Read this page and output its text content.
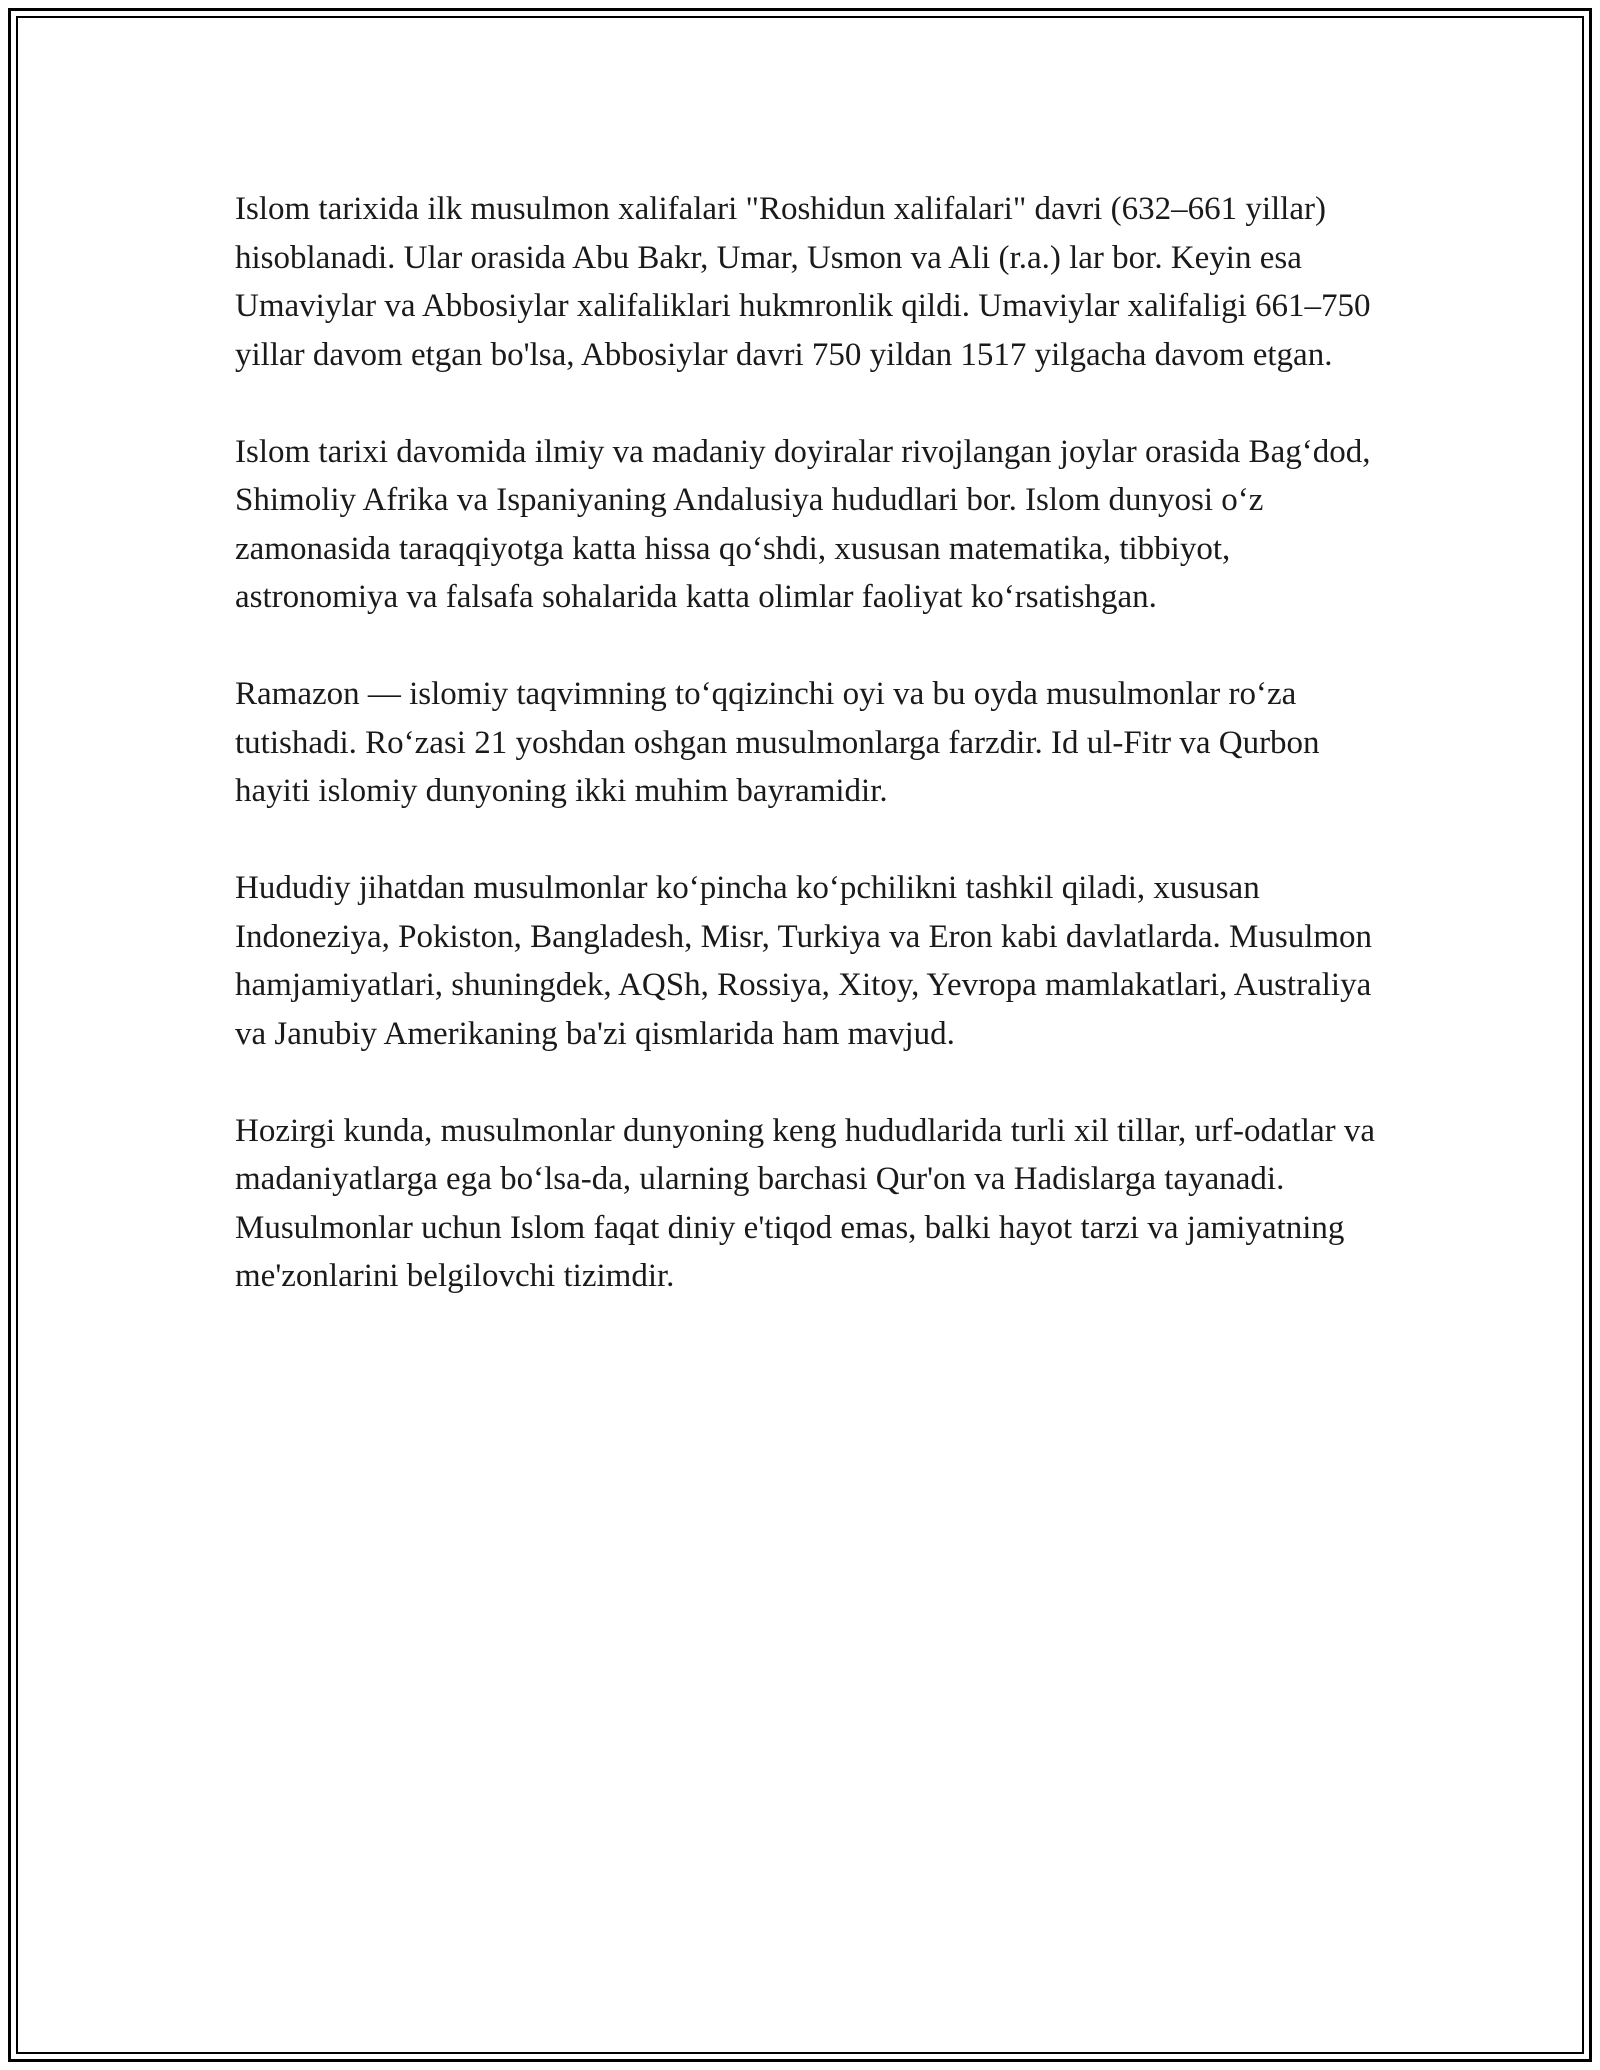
Islom tarixida ilk musulmon xalifalari "Roshidun xalifalari" davri (632–661 yillar) hisoblanadi. Ular orasida Abu Bakr, Umar, Usmon va Ali (r.a.) lar bor. Keyin esa Umaviylar va Abbosiylar xalifaliklari hukmronlik qildi. Umaviylar xalifaligi 661–750 yillar davom etgan bo'lsa, Abbosiylar davri 750 yildan 1517 yilgacha davom etgan.

Islom tarixi davomida ilmiy va madaniy doyiralar rivojlangan joylar orasida Bag‘dod, Shimoliy Afrika va Ispaniyaning Andalusiya hududlari bor. Islom dunyosi o‘z zamonasida taraqqiyotga katta hissa qo‘shdi, xususan matematika, tibbiyot, astronomiya va falsafa sohalarida katta olimlar faoliyat ko‘rsatishgan.

Ramazon — islomiy taqvimning to‘qqizinchi oyi va bu oyda musulmonlar ro‘za tutishadi. Ro‘zasi 21 yoshdan oshgan musulmonlarga farzdir. Id ul-Fitr va Qurbon hayiti islomiy dunyoning ikki muhim bayramidir.

Hududiy jihatdan musulmonlar ko‘pincha ko‘pchilikni tashkil qiladi, xususan Indoneziya, Pokiston, Bangladesh, Misr, Turkiya va Eron kabi davlatlarda. Musulmon hamjamiyatlari, shuningdek, AQSh, Rossiya, Xitoy, Yevropa mamlakatlari, Australiya va Janubiy Amerikaning ba'zi qismlarida ham mavjud.

Hozirgi kunda, musulmonlar dunyoning keng hududlarida turli xil tillar, urf-odatlar va madaniyatlarga ega bo‘lsa-da, ularning barchasi Qur'on va Hadislarga tayanadi. Musulmonlar uchun Islom faqat diniy e'tiqod emas, balki hayot tarzi va jamiyatning me'zonlarini belgilovchi tizimdir.
